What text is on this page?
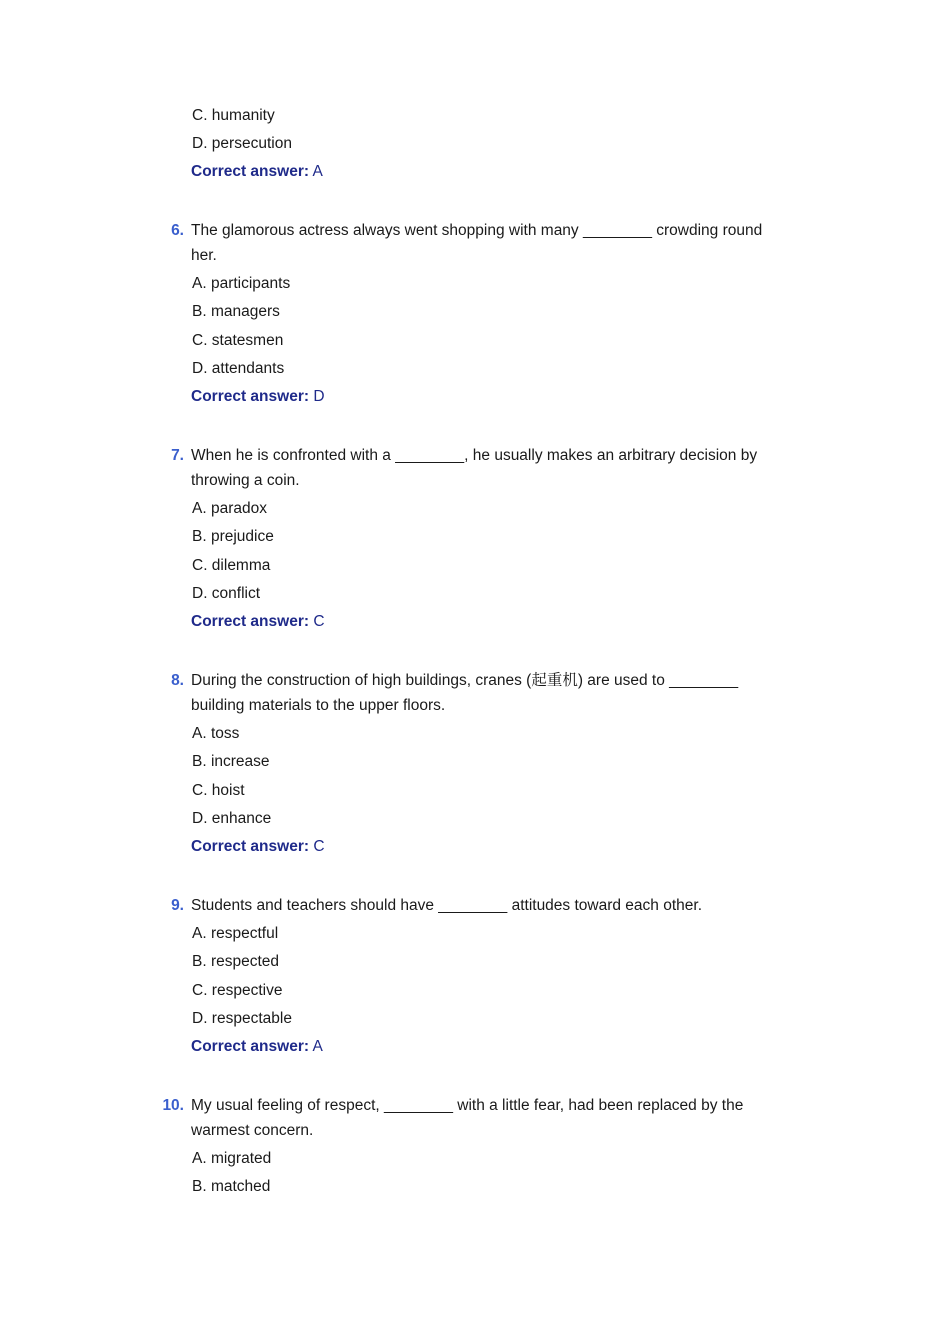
C. humanity
D. persecution
Correct answer: A
6. The glamorous actress always went shopping with many ________ crowding round
her.
A. participants
B. managers
C. statesmen
D. attendants
Correct answer: D
7. When he is confronted with a ________, he usually makes an arbitrary decision by
throwing a coin.
A. paradox
B. prejudice
C. dilemma
D. conflict
Correct answer: C
8. During the construction of high buildings, cranes (起重机) are used to ________
building materials to the upper floors.
A. toss
B. increase
C. hoist
D. enhance
Correct answer: C
9. Students and teachers should have ________ attitudes toward each other.
A. respectful
B. respected
C. respective
D. respectable
Correct answer: A
10. My usual feeling of respect, ________ with a little fear, had been replaced by the
warmest concern.
A. migrated
B. matched
